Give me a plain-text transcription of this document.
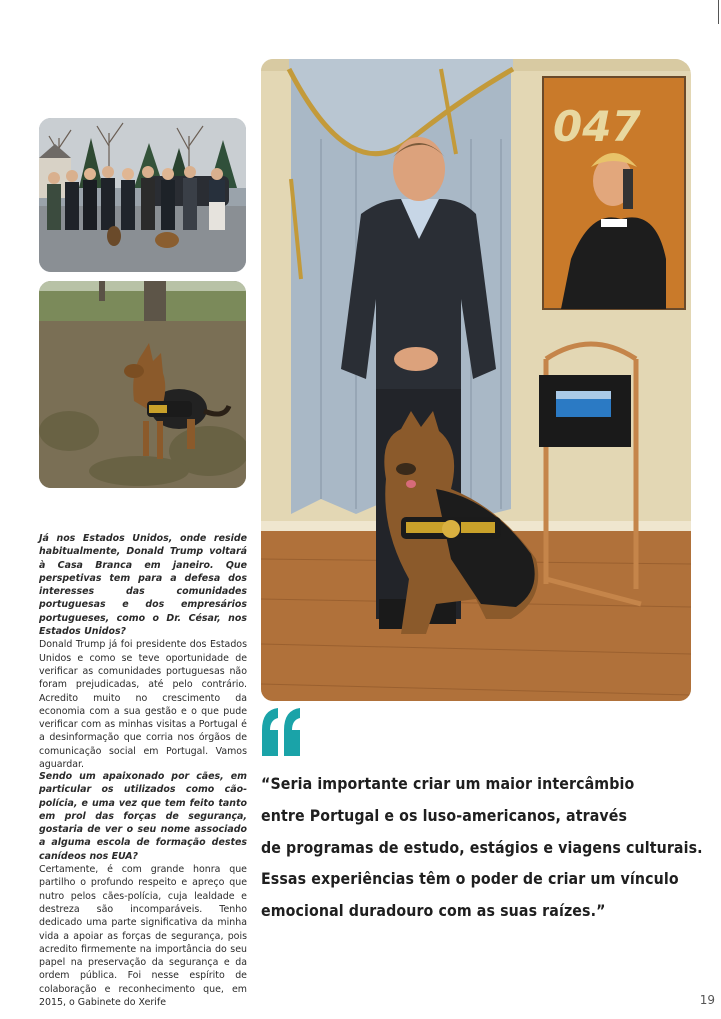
047

Já nos Estados Unidos, onde reside habitualmente, Donald Trump voltará à Casa Branca em janeiro. Que perspetivas tem para a defesa dos interesses das comunidades portuguesas e dos empresários portugueses, como o Dr. César, nos Estados Unidos?

Donald Trump já foi presidente dos Estados Unidos e como se teve oportunidade de verificar as comunidades portuguesas não foram prejudicadas, até pelo contrário. Acredito muito no crescimento da economia com a sua gestão e o que pude verificar com as minhas visitas a Portugal é a desinformação que corria nos órgãos de comunicação social em Portugal. Vamos aguardar.

Sendo um apaixonado por cães, em particular os utilizados como cão-polícia, e uma vez que tem feito tanto em prol das forças de segurança, gostaria de ver o seu nome associado a alguma escola de formação destes canídeos nos EUA?

Certamente, é com grande honra que partilho o profundo respeito e apreço que nutro pelos cães-polícia, cuja lealdade e destreza são incomparáveis. Tenho dedicado uma parte significativa da minha vida a apoiar as forças de segurança, pois acredito firmemente na importância do seu papel na preservação da segurança e da ordem pública. Foi nesse espírito de colaboração e reconhecimento que, em 2015, o Gabinete do Xerife

“Seria importante criar um maior intercâmbio
entre Portugal e os luso-americanos, através
de programas de estudo, estágios e viagens culturais.
Essas experiências têm o poder de criar um vínculo
emocional duradouro com as suas raízes.”
19
